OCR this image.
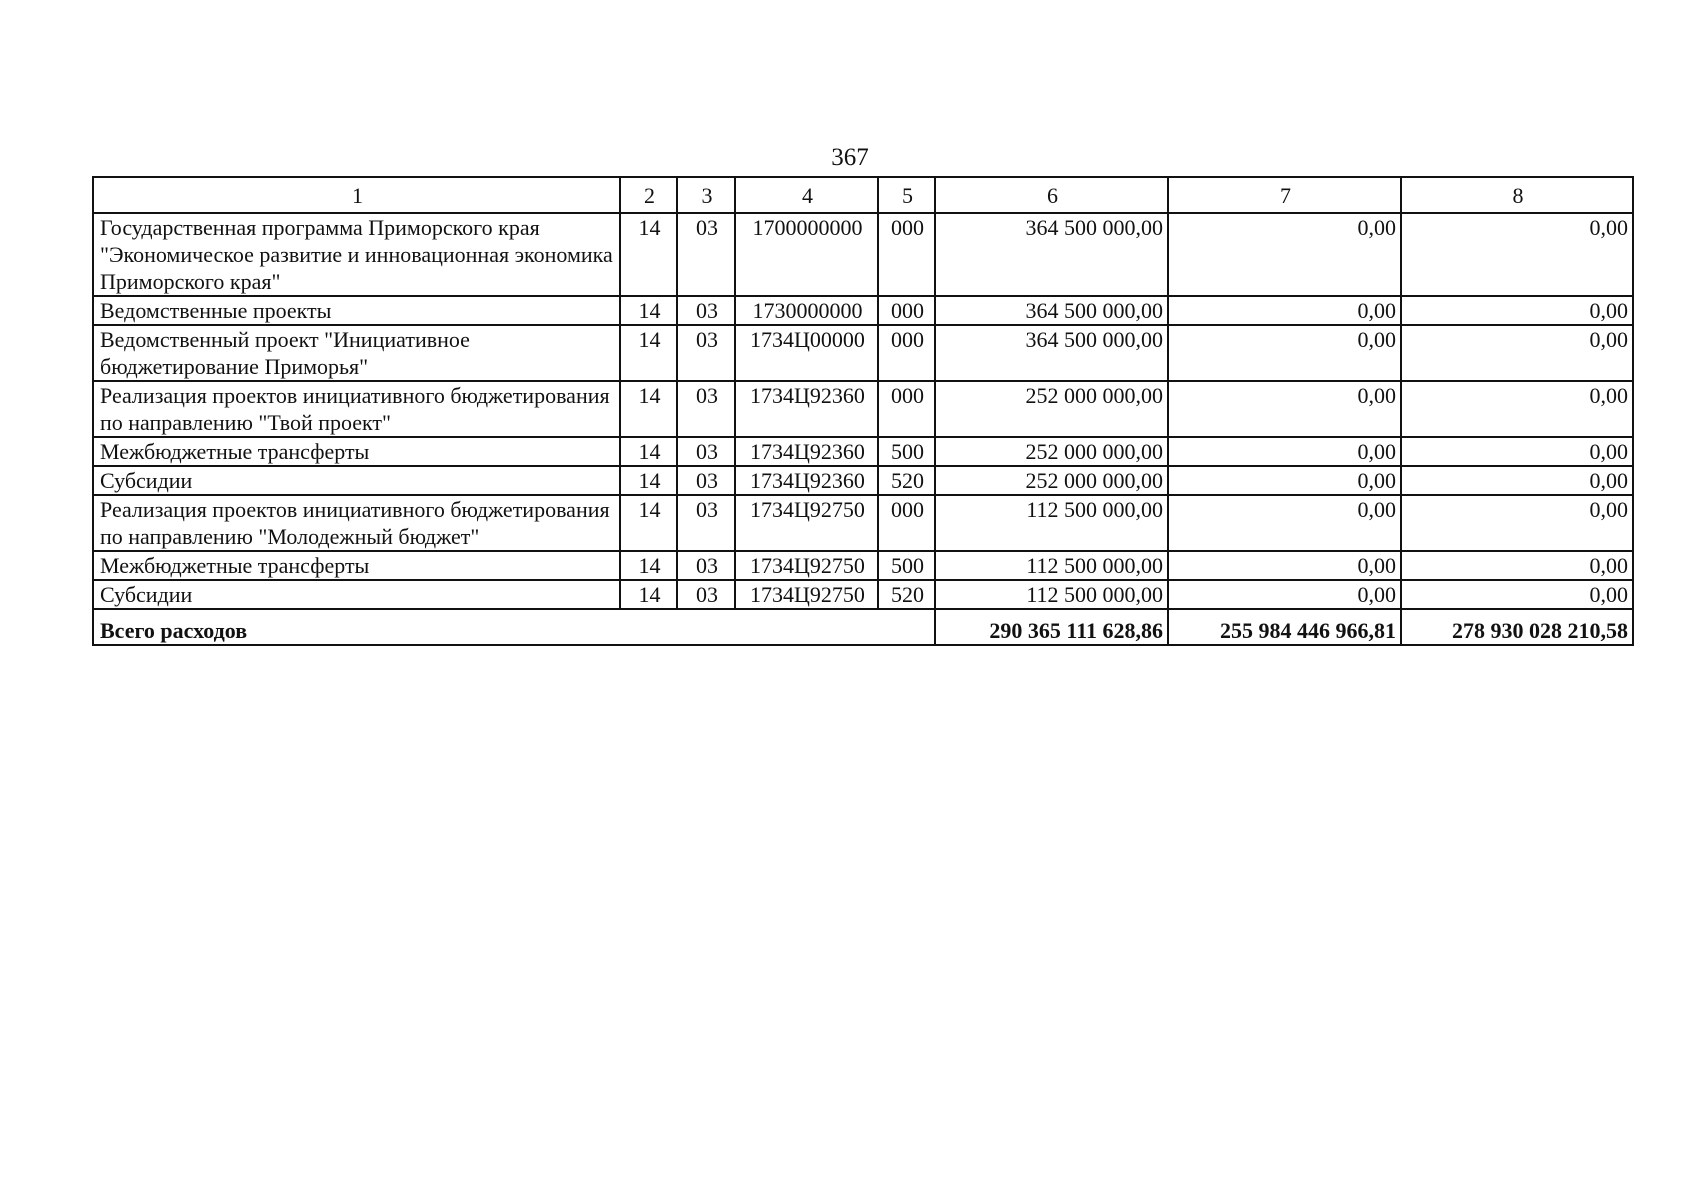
367
1	2	3	4	5	6	7	8
Государственная программа Приморского края "Экономическое развитие и инновационная экономика Приморского края"	14	03	1700000000	000	364 500 000,00	0,00	0,00
Ведомственные проекты	14	03	1730000000	000	364 500 000,00	0,00	0,00
Ведомственный проект "Инициативное бюджетирование Приморья"	14	03	1734Ц00000	000	364 500 000,00	0,00	0,00
Реализация проектов инициативного бюджетирования по направлению "Твой проект"	14	03	1734Ц92360	000	252 000 000,00	0,00	0,00
Межбюджетные трансферты	14	03	1734Ц92360	500	252 000 000,00	0,00	0,00
Субсидии	14	03	1734Ц92360	520	252 000 000,00	0,00	0,00
Реализация проектов инициативного бюджетирования по направлению "Молодежный бюджет"	14	03	1734Ц92750	000	112 500 000,00	0,00	0,00
Межбюджетные трансферты	14	03	1734Ц92750	500	112 500 000,00	0,00	0,00
Субсидии	14	03	1734Ц92750	520	112 500 000,00	0,00	0,00
Всего расходов					290 365 111 628,86	255 984 446 966,81	278 930 028 210,58
